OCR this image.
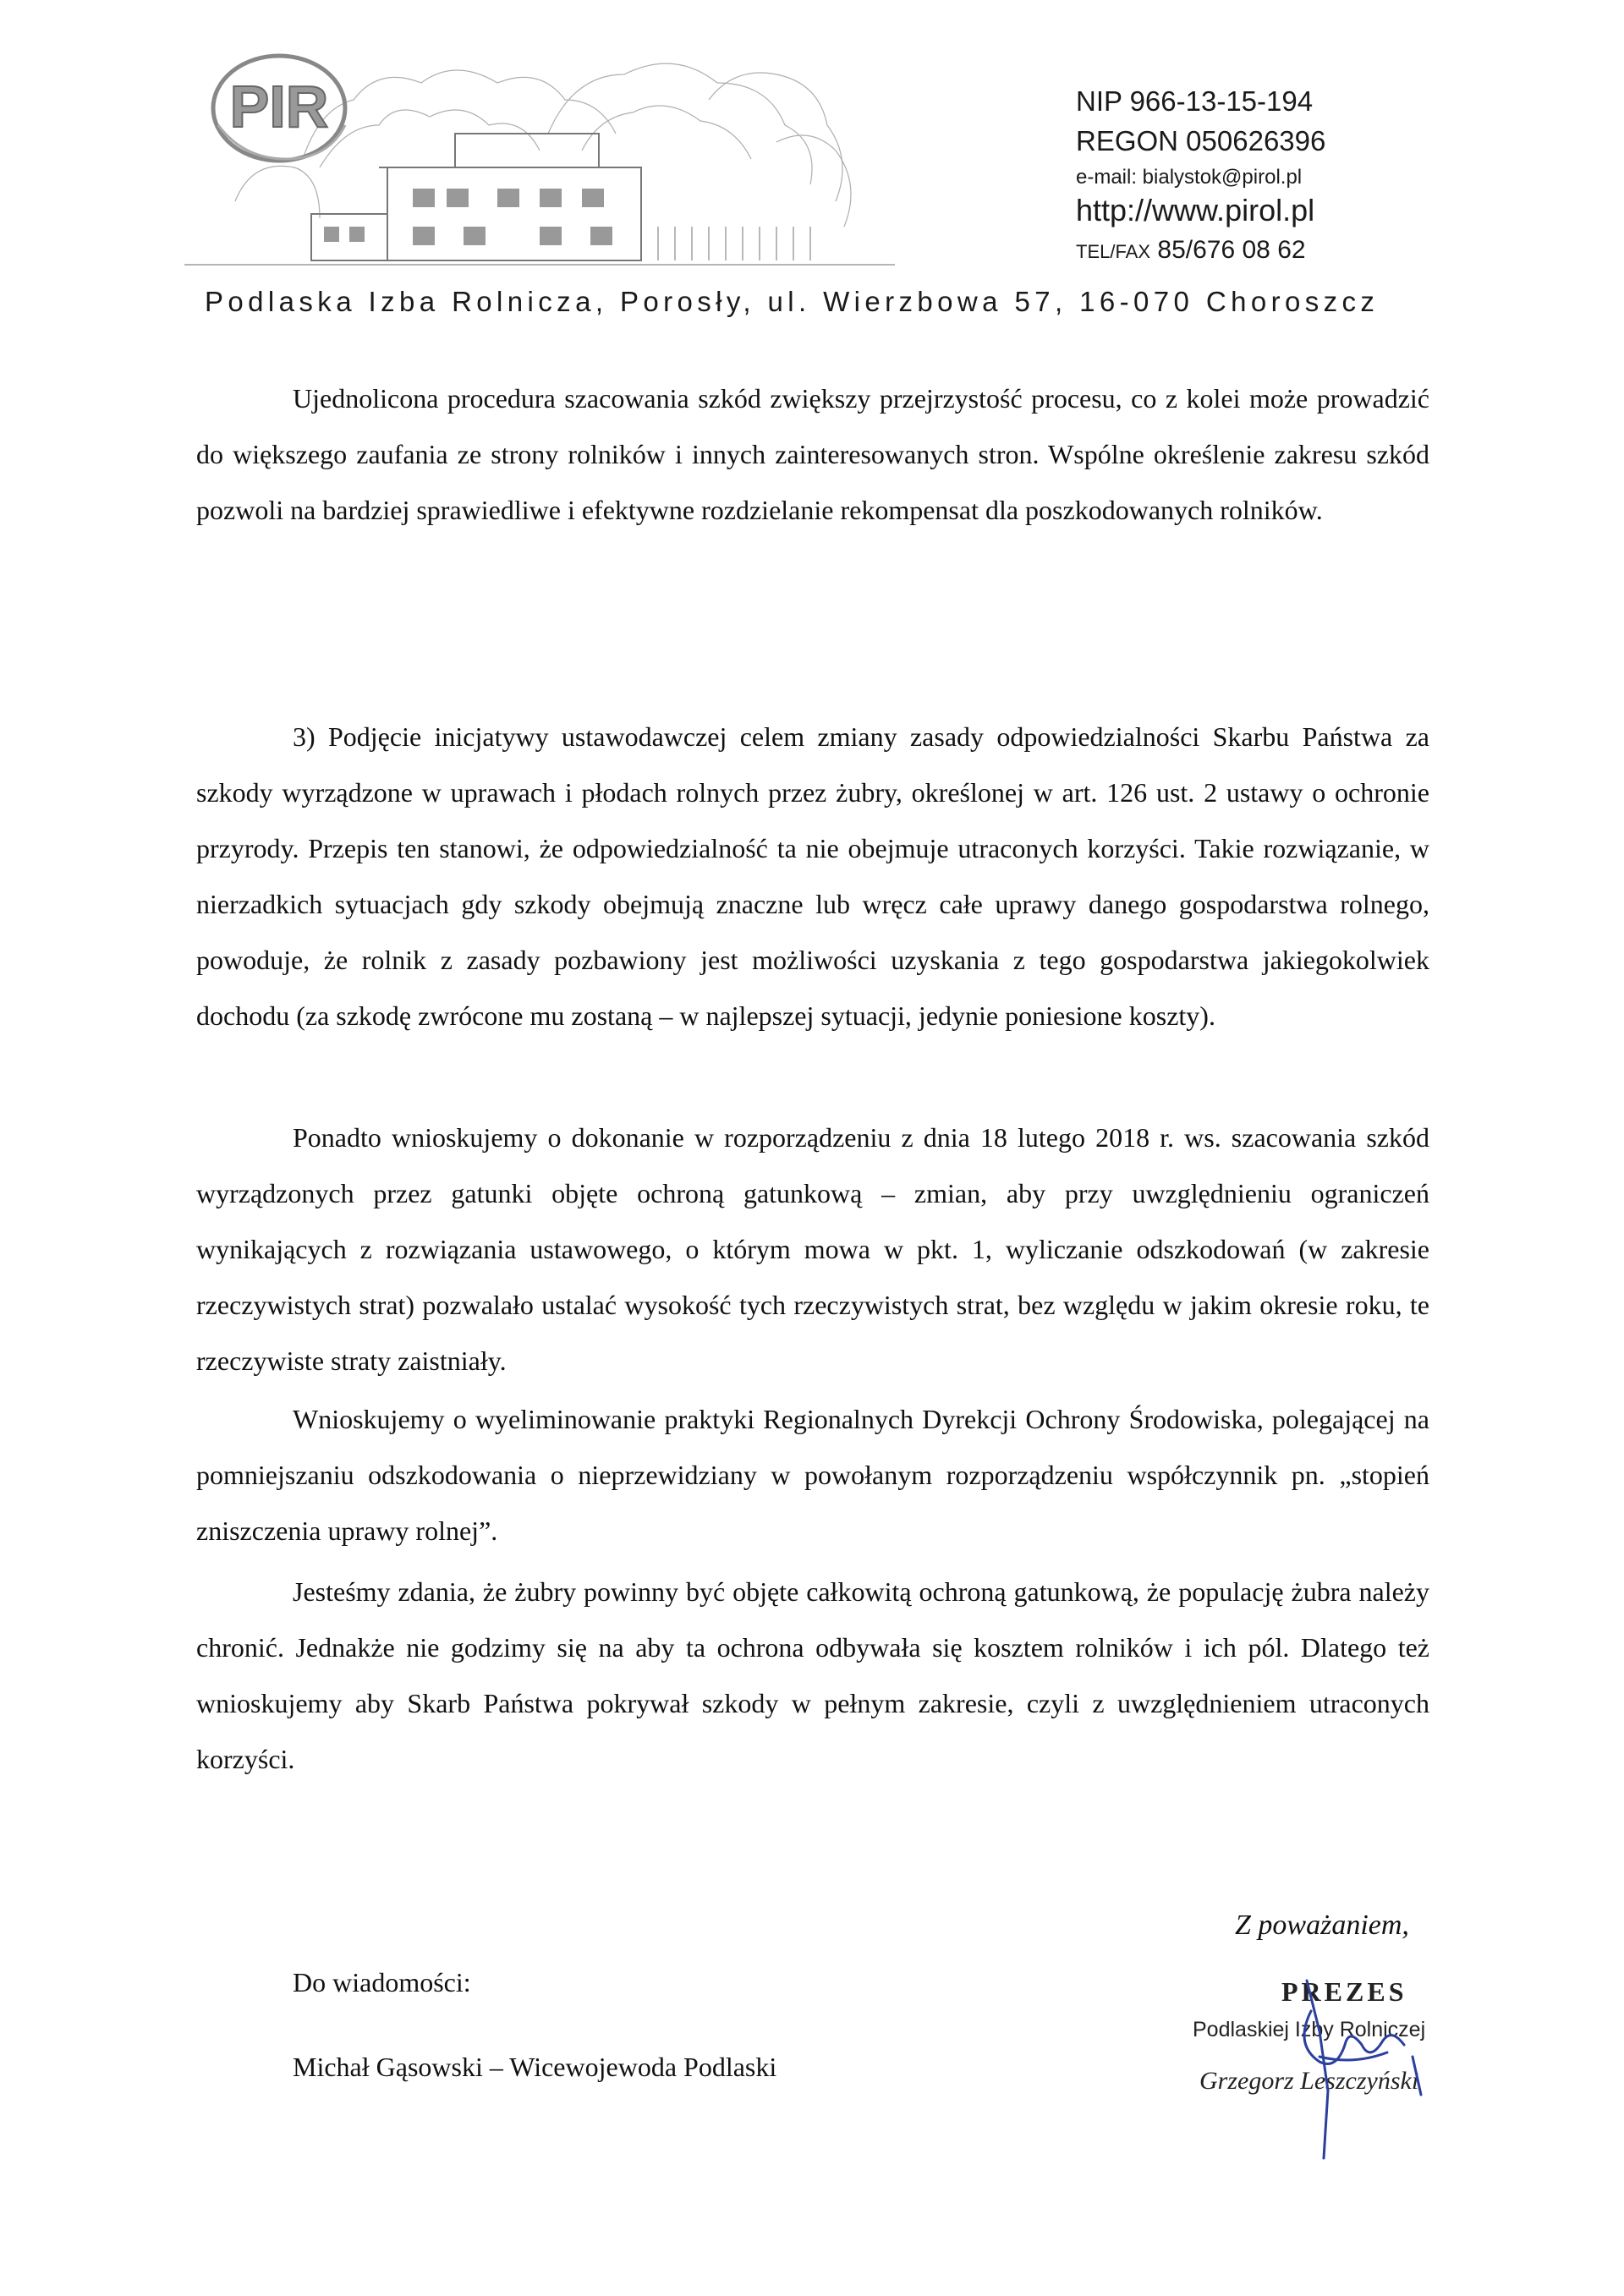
PIR	NIP 966-13-15-194
REGON 050626396
e-mail: bialystok@pirol.pl
http://www.pirol.pl
TEL/FAX 85/676 08 62
Podlaska Izba Rolnicza, Porosły, ul. Wierzbowa 57, 16-070 Choroszcz

Ujednolicona procedura szacowania szkód zwiększy przejrzystość procesu, co z kolei może prowadzić do większego zaufania ze strony rolników i innych zainteresowanych stron. Wspólne określenie zakresu szkód pozwoli na bardziej sprawiedliwe i efektywne rozdzielanie rekompensat dla poszkodowanych rolników.

3) Podjęcie inicjatywy ustawodawczej celem zmiany zasady odpowiedzialności Skarbu Państwa za szkody wyrządzone w uprawach i płodach rolnych przez żubry, określonej w art. 126 ust. 2 ustawy o ochronie przyrody. Przepis ten stanowi, że odpowiedzialność ta nie obejmuje utraconych korzyści. Takie rozwiązanie, w nierzadkich sytuacjach gdy szkody obejmują znaczne lub wręcz całe uprawy danego gospodarstwa rolnego, powoduje, że rolnik z zasady pozbawiony jest możliwości uzyskania z tego gospodarstwa jakiegokolwiek dochodu (za szkodę zwrócone mu zostaną – w najlepszej sytuacji, jedynie poniesione koszty).

Ponadto wnioskujemy o dokonanie w rozporządzeniu z dnia 18 lutego 2018 r. ws. szacowania szkód wyrządzonych przez gatunki objęte ochroną gatunkową – zmian, aby przy uwzględnieniu ograniczeń wynikających z rozwiązania ustawowego, o którym mowa w pkt. 1, wyliczanie odszkodowań (w zakresie rzeczywistych strat) pozwalało ustalać wysokość tych rzeczywistych strat, bez względu w jakim okresie roku, te rzeczywiste straty zaistniały.

Wnioskujemy o wyeliminowanie praktyki Regionalnych Dyrekcji Ochrony Środowiska, polegającej na pomniejszaniu odszkodowania o nieprzewidziany w powołanym rozporządzeniu współczynnik pn. „stopień zniszczenia uprawy rolnej”.

Jesteśmy zdania, że żubry powinny być objęte całkowitą ochroną gatunkową, że populację żubra należy chronić. Jednakże nie godzimy się na aby ta ochrona odbywała się kosztem rolników i ich pól. Dlatego też wnioskujemy aby Skarb Państwa pokrywał szkody w pełnym zakresie, czyli z uwzględnieniem utraconych korzyści.

Z poważaniem,
Do wiadomości:
Michał Gąsowski – Wicewojewoda Podlaski
PREZES
Podlaskiej Izby Rolniczej
Grzegorz Leszczyński
